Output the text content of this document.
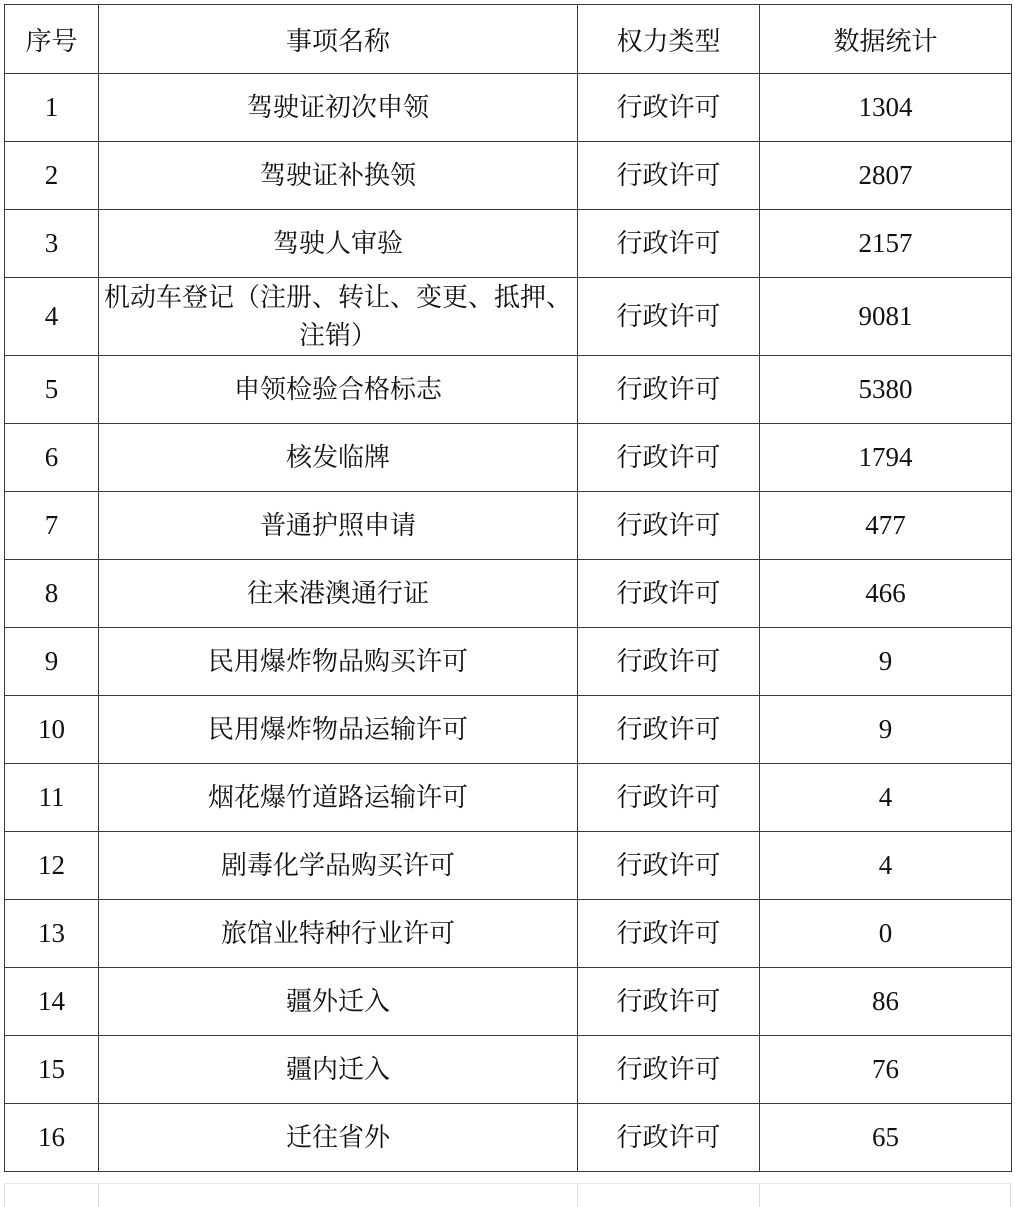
序号	事项名称	权力类型	数据统计
1	驾驶证初次申领	行政许可	1304
2	驾驶证补换领	行政许可	2807
3	驾驶人审验	行政许可	2157
4	机动车登记（注册、转让、变更、抵押、注销）	行政许可	9081
5	申领检验合格标志	行政许可	5380
6	核发临牌	行政许可	1794
7	普通护照申请	行政许可	477
8	往来港澳通行证	行政许可	466
9	民用爆炸物品购买许可	行政许可	9
10	民用爆炸物品运输许可	行政许可	9
11	烟花爆竹道路运输许可	行政许可	4
12	剧毒化学品购买许可	行政许可	4
13	旅馆业特种行业许可	行政许可	0
14	疆外迁入	行政许可	86
15	疆内迁入	行政许可	76
16	迁往省外	行政许可	65
